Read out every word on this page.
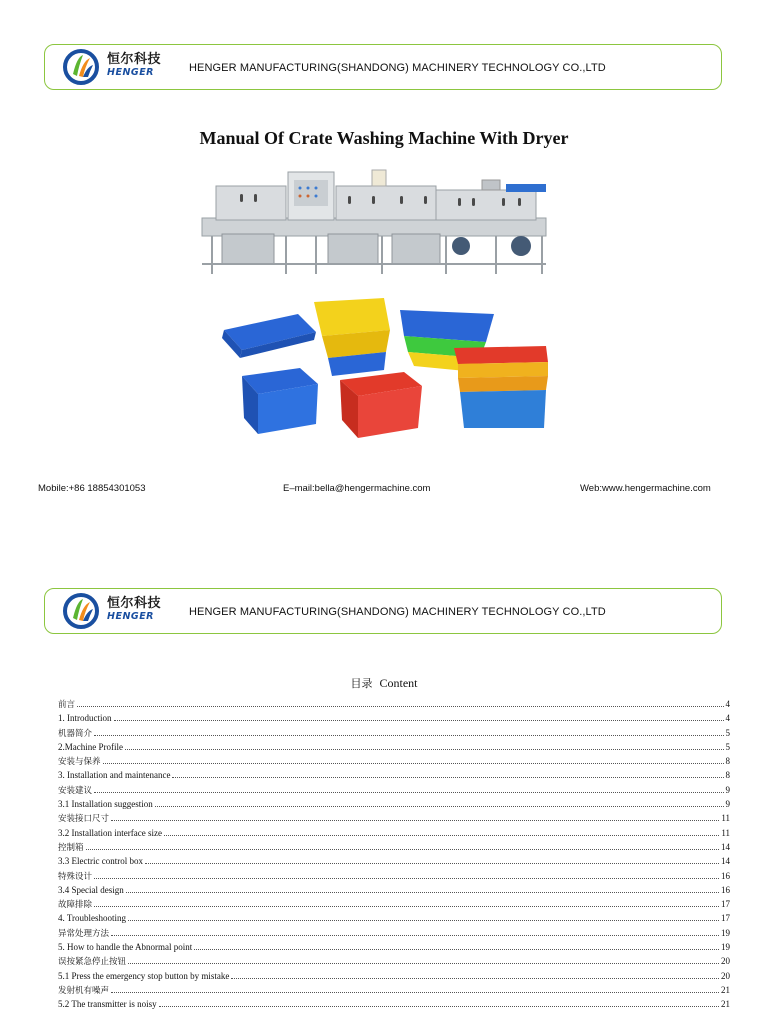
恒尔科技
HENGER	HENGER MANUFACTURING(SHANDONG) MACHINERY TECHNOLOGY CO.,LTD
Manual Of Crate Washing Machine With Dryer
Mobile:+86 18854301053	E–mail:bella@hengermachine.com	Web:www.hengermachine.com
恒尔科技
HENGER	HENGER MANUFACTURING(SHANDONG) MACHINERY TECHNOLOGY CO.,LTD
目录 Content
前言	4
1. Introduction	4
机器简介	5
2.Machine Profile	5
安装与保养	8
3. Installation and maintenance	8
安装建议	9
3.1 Installation suggestion	9
安装接口尺寸	11
3.2 Installation interface size	11
控制箱	14
3.3 Electric control box	14
特殊设计	16
3.4 Special design	16
故障排除	17
4. Troubleshooting	17
异常处理方法	19
5. How to handle the Abnormal point	19
误按紧急停止按钮	20
5.1 Press the emergency stop button by mistake	20
发射机有噪声	21
5.2 The transmitter is noisy	21
